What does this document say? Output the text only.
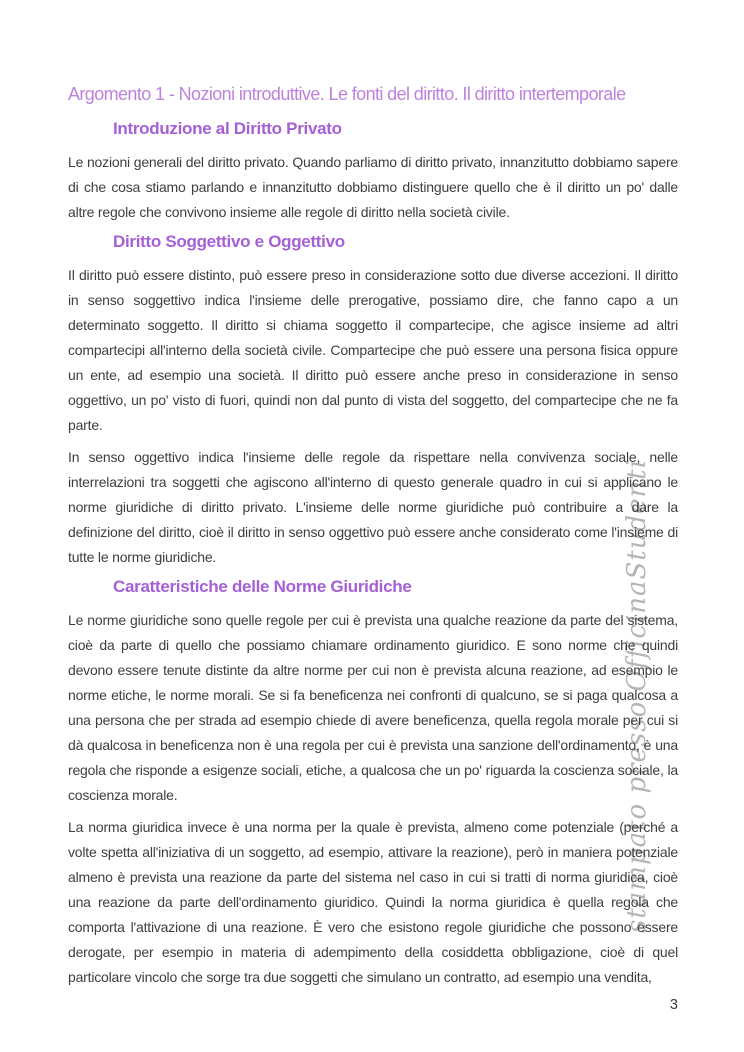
stampato presso OfficinaStudenti
Argomento 1 - Nozioni introduttive. Le fonti del diritto. Il diritto intertemporale
Introduzione al Diritto Privato

Le nozioni generali del diritto privato. Quando parliamo di diritto privato, innanzitutto dobbiamo sapere di che cosa stiamo parlando e innanzitutto dobbiamo distinguere quello che è il diritto un po' dalle altre regole che convivono insieme alle regole di diritto nella società civile.

Diritto Soggettivo e Oggettivo

Il diritto può essere distinto, può essere preso in considerazione sotto due diverse accezioni. Il diritto in senso soggettivo indica l'insieme delle prerogative, possiamo dire, che fanno capo a un determinato soggetto. Il diritto si chiama soggetto il compartecipe, che agisce insieme ad altri compartecipi all'interno della società civile. Compartecipe che può essere una persona fisica oppure un ente, ad esempio una società. Il diritto può essere anche preso in considerazione in senso oggettivo, un po' visto di fuori, quindi non dal punto di vista del soggetto, del compartecipe che ne fa parte.

In senso oggettivo indica l'insieme delle regole da rispettare nella convivenza sociale, nelle interrelazioni tra soggetti che agiscono all'interno di questo generale quadro in cui si applicano le norme giuridiche di diritto privato. L'insieme delle norme giuridiche può contribuire a dare la definizione del diritto, cioè il diritto in senso oggettivo può essere anche considerato come l'insieme di tutte le norme giuridiche.

Caratteristiche delle Norme Giuridiche

Le norme giuridiche sono quelle regole per cui è prevista una qualche reazione da parte del sistema, cioè da parte di quello che possiamo chiamare ordinamento giuridico. E sono norme che quindi devono essere tenute distinte da altre norme per cui non è prevista alcuna reazione, ad esempio le norme etiche, le norme morali. Se si fa beneficenza nei confronti di qualcuno, se si paga qualcosa a una persona che per strada ad esempio chiede di avere beneficenza, quella regola morale per cui si dà qualcosa in beneficenza non è una regola per cui è prevista una sanzione dell'ordinamento, è una regola che risponde a esigenze sociali, etiche, a qualcosa che un po' riguarda la coscienza sociale, la coscienza morale.

La norma giuridica invece è una norma per la quale è prevista, almeno come potenziale (perché a volte spetta all'iniziativa di un soggetto, ad esempio, attivare la reazione), però in maniera potenziale almeno è prevista una reazione da parte del sistema nel caso in cui si tratti di norma giuridica, cioè una reazione da parte dell'ordinamento giuridico. Quindi la norma giuridica è quella regola che comporta l'attivazione di una reazione. È vero che esistono regole giuridiche che possono essere derogate, per esempio in materia di adempimento della cosiddetta obbligazione, cioè di quel particolare vincolo che sorge tra due soggetti che simulano un contratto, ad esempio una vendita,

3
